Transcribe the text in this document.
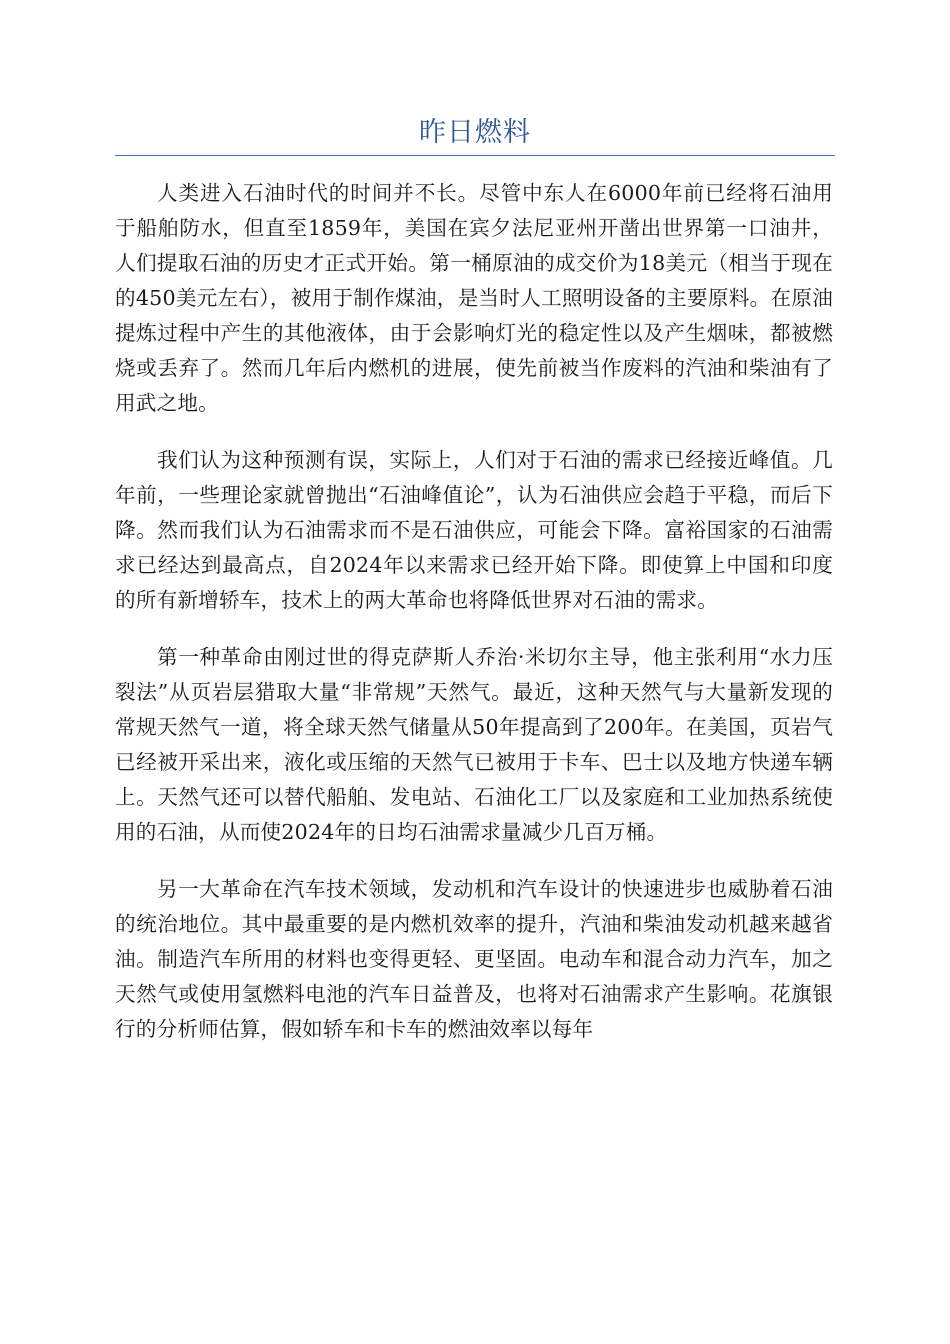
昨日燃料

人类进入石油时代的时间并不长。尽管中东人在6000年前已经将石油用于船舶防水，但直至1859年，美国在宾夕法尼亚州开凿出世界第一口油井，人们提取石油的历史才正式开始。第一桶原油的成交价为18美元（相当于现在的450美元左右），被用于制作煤油，是当时人工照明设备的主要原料。在原油提炼过程中产生的其他液体，由于会影响灯光的稳定性以及产生烟味，都被燃烧或丢弃了。然而几年后内燃机的进展，使先前被当作废料的汽油和柴油有了用武之地。

我们认为这种预测有误，实际上，人们对于石油的需求已经接近峰值。几年前，一些理论家就曾抛出“石油峰值论”，认为石油供应会趋于平稳，而后下降。然而我们认为石油需求而不是石油供应，可能会下降。富裕国家的石油需求已经达到最高点，自2024年以来需求已经开始下降。即使算上中国和印度的所有新增轿车，技术上的两大革命也将降低世界对石油的需求。

第一种革命由刚过世的得克萨斯人乔治·米切尔主导，他主张利用“水力压裂法”从页岩层猎取大量“非常规”天然气。最近，这种天然气与大量新发现的常规天然气一道，将全球天然气储量从50年提高到了200年。在美国，页岩气已经被开采出来，液化或压缩的天然气已被用于卡车、巴士以及地方快递车辆上。天然气还可以替代船舶、发电站、石油化工厂以及家庭和工业加热系统使用的石油，从而使2024年的日均石油需求量减少几百万桶。

另一大革命在汽车技术领域，发动机和汽车设计的快速进步也威胁着石油的统治地位。其中最重要的是内燃机效率的提升，汽油和柴油发动机越来越省油。制造汽车所用的材料也变得更轻、更坚固。电动车和混合动力汽车，加之天然气或使用氢燃料电池的汽车日益普及，也将对石油需求产生影响。花旗银行的分析师估算，假如轿车和卡车的燃油效率以每年
